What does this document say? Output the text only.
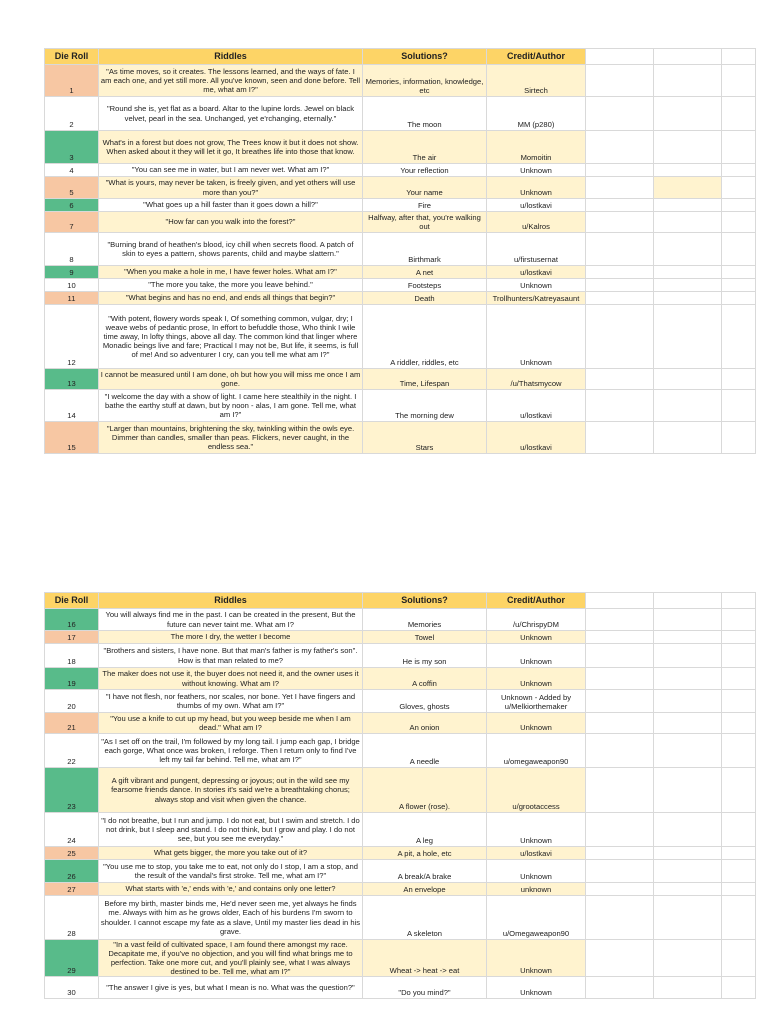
Die Roll	Riddles	Solutions?	Credit/Author			
1	"As time moves, so it creates. The lessons learned, and the ways of fate. I am each one, and yet still more. All you've known, seen and done before. Tell me, what am I?"	Memories, information, knowledge, etc	Sirtech			
2	"Round she is, yet flat as a board. Altar to the lupine lords. Jewel on black velvet, pearl in the sea. Unchanged, yet e'rchanging, eternally."	The moon	MM (p280)			
3	What's in a forest but does not grow, The Trees know it but it does not show. When asked about it they will let it go, It breathes life into those that know.	The air	Momoitin			
4	"You can see me in water, but I am never wet. What am I?"	Your reflection	Unknown			
5	"What is yours, may never be taken, is freely given, and yet others will use more than you?"	Your name	Unknown			
6	"What goes up a hill faster than it goes down a hill?"	Fire	u/lostkavi			
7	"How far can you walk into the forest?"	Halfway, after that, you're walking out	u/Kalros			
8	"Burning brand of heathen's blood, icy chill when secrets flood. A patch of skin to eyes a pattern, shows parents, child and maybe slattern."	Birthmark	u/firstusernat			
9	"When you make a hole in me, I have fewer holes. What am I?"	A net	u/lostkavi			
10	"The more you take, the more you leave behind."	Footsteps	Unknown			
11	"What begins and has no end, and ends all things that begin?"	Death	Trollhunters/Katreyasaunt			
12	"With potent, flowery words speak I, Of something common, vulgar, dry; I weave webs of pedantic prose, In effort to befuddle those, Who think I wile time away, In lofty things, above all day. The common kind that linger where Monadic beings live and fare; Practical I may not be, But life, it seems, is full of me! And so adventurer I cry, can you tell me what am I?"	A riddler, riddles, etc	Unknown			
13	I cannot be measured until I am done, oh but how you will miss me once I am gone.	Time, Lifespan	/u/Thatsmycow			
14	"I welcome the day with a show of light. I came here stealthily in the night. I bathe the earthy stuff at dawn, but by noon - alas, I am gone. Tell me, what am I?"	The morning dew	u/lostkavi			
15	"Larger than mountains, brightening the sky, twinkling within the owls eye. Dimmer than candles, smaller than peas. Flickers, never caught, in the endless sea."	Stars	u/lostkavi			
Die Roll	Riddles	Solutions?	Credit/Author			
16	You will always find me in the past. I can be created in the present, But the future can never taint me. What am I?	Memories	/u/ChrispyDM			
17	The more I dry, the wetter I become	Towel	Unknown			
18	"Brothers and sisters, I have none. But that man's father is my father's son". How is that man related to me?	He is my son	Unknown			
19	The maker does not use it, the buyer does not need it, and the owner uses it without knowing. What am I?	A coffin	Unknown			
20	"I have not flesh, nor feathers, nor scales, nor bone. Yet I have fingers and thumbs of my own. What am I?"	Gloves, ghosts	Unknown - Added by u/Melkiorthemaker			
21	"You use a knife to cut up my head, but you weep beside me when I am dead." What am I?	An onion	Unknown			
22	"As I set off on the trail, I'm followed by my long tail. I jump each gap, I bridge each gorge, What once was broken, I reforge. Then I return only to find I've left my tail far behind. Tell me, what am I?"	A needle	u/omegaweapon90			
23	A gift vibrant and pungent, depressing or joyous; out in the wild see my fearsome friends dance. In stories it's said we're a breathtaking chorus; always stop and visit when given the chance.	A flower (rose).	u/grootaccess			
24	"I do not breathe, but I run and jump. I do not eat, but I swim and stretch. I do not drink, but I sleep and stand. I do not think, but I grow and play. I do not see, but you see me everyday."	A leg	Unknown			
25	What gets bigger, the more you take out of it?	A pit, a hole, etc	u/lostkavi			
26	"You use me to stop, you take me to eat, not only do I stop, I am a stop, and the result of the vandal's first stroke. Tell me, what am I?"	A break/A brake	Unknown			
27	What starts with 'e,' ends with 'e,' and contains only one letter?	An envelope	unknown			
28	Before my birth, master binds me, He'd never seen me, yet always he finds me. Always with him as he grows older, Each of his burdens I'm sworn to shoulder. I cannot escape my fate as a slave, Until my master lies dead in his grave.	A skeleton	u/Omegaweapon90			
29	"In a vast feild of cultivated space, I am found there amongst my race. Decapitate me, if you've no objection, and you will find what brings me to perfection. Take one more cut, and you'll plainly see, what I was always destined to be. Tell me, what am I?"	Wheat -> heat -> eat	Unknown			
30	"The answer I give is yes, but what I mean is no. What was the question?"	"Do you mind?"	Unknown			
